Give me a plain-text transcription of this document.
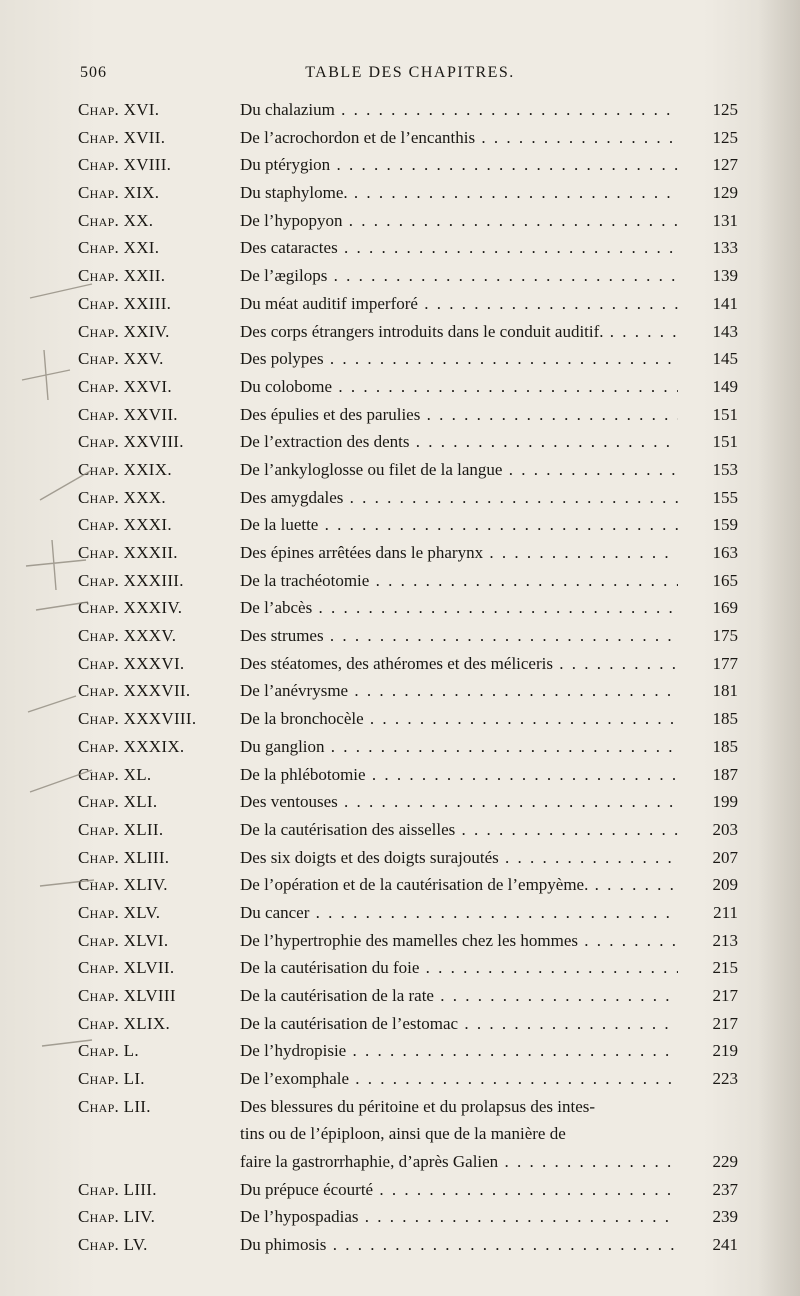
506	TABLE DES CHAPITRES.
Chap. XVI.	Du chalazium . . .	125
Chap. XVII.	De l’acrochordon et de l’encanthis . . .	125
Chap. XVIII.	Du ptérygion . . .	127
Chap. XIX.	Du staphylome. . . .	129
Chap. XX.	De l’hypopyon . . .	131
Chap. XXI.	Des cataractes . . .	133
Chap. XXII.	De l’ægilops . . .	139
Chap. XXIII.	Du méat auditif imperforé . . .	141
Chap. XXIV.	Des corps étrangers introduits dans le conduit auditif. . . .	143
Chap. XXV.	Des polypes . . .	145
Chap. XXVI.	Du colobome . . .	149
Chap. XXVII.	Des épulies et des parulies . . .	151
Chap. XXVIII.	De l’extraction des dents . . .	151
Chap. XXIX.	De l’ankyloglosse ou filet de la langue . . .	153
Chap. XXX.	Des amygdales . . .	155
Chap. XXXI.	De la luette . . .	159
Chap. XXXII.	Des épines arrêtées dans le pharynx . . .	163
Chap. XXXIII.	De la trachéotomie . . .	165
Chap. XXXIV.	De l’abcès . . .	169
Chap. XXXV.	Des strumes . . .	175
Chap. XXXVI.	Des stéatomes, des athéromes et des méliceris . . .	177
Chap. XXXVII.	De l’anévrysme . . .	181
Chap. XXXVIII.	De la bronchocèle . . .	185
Chap. XXXIX.	Du ganglion . . .	185
Chap. XL.	De la phlébotomie . . .	187
Chap. XLI.	Des ventouses . . .	199
Chap. XLII.	De la cautérisation des aisselles . . .	203
Chap. XLIII.	Des six doigts et des doigts surajoutés . . .	207
Chap. XLIV.	De l’opération et de la cautérisation de l’empyème. . . .	209
Chap. XLV.	Du cancer . . .	211
Chap. XLVI.	De l’hypertrophie des mamelles chez les hommes . . .	213
Chap. XLVII.	De la cautérisation du foie . . .	215
Chap. XLVIII	De la cautérisation de la rate . . .	217
Chap. XLIX.	De la cautérisation de l’estomac . . .	217
Chap. L.	De l’hydropisie . . .	219
Chap. LI.	De l’exomphale . . .	223
Chap. LII.	Des blessures du péritoine et du prolapsus des intes-
tins ou de l’épiploon, ainsi que de la manière de
faire la gastrorrhaphie, d’après Galien . . .	229
Chap. LIII.	Du prépuce écourté . . .	237
Chap. LIV.	De l’hypospadias . . .	239
Chap. LV.	Du phimosis . . .	241
